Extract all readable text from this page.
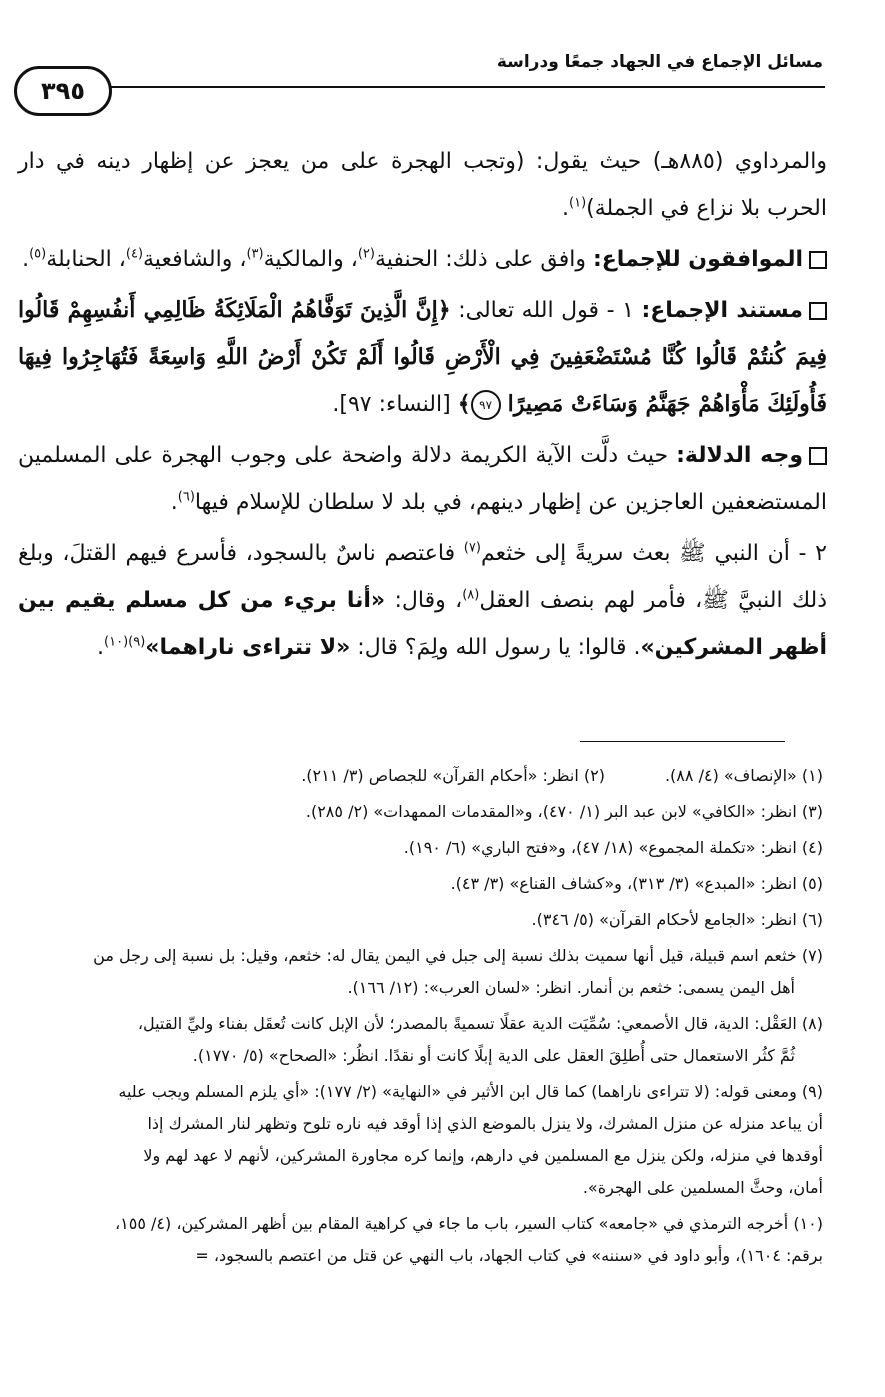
مسائل الإجماع في الجهاد جمعًا ودراسة
٣٩٥

والمرداوي (٨٨٥هـ) حيث يقول: (وتجب الهجرة على من يعجز عن إظهار دينه في دار الحرب بلا نزاع في الجملة)$^{(١)}$.

الموافقون للإجماع: وافق على ذلك: الحنفية$^{(٢)}$، والمالكية$^{(٣)}$، والشافعية$^{(٤)}$، الحنابلة$^{(٥)}$.

مستند الإجماع: ١ - قول الله تعالى: ﴿إِنَّ الَّذِينَ تَوَفَّاهُمُ الْمَلَائِكَةُ ظَالِمِي أَنفُسِهِمْ قَالُوا فِيمَ كُنتُمْ قَالُوا كُنَّا مُسْتَضْعَفِينَ فِي الْأَرْضِ قَالُوا أَلَمْ تَكُنْ أَرْضُ اللَّهِ وَاسِعَةً فَتُهَاجِرُوا فِيهَا فَأُولَئِكَ مَأْوَاهُمْ جَهَنَّمُ وَسَاءَتْ مَصِيرًا ٩٧﴾ [النساء: ٩٧].

وجه الدلالة: حيث دلَّت الآية الكريمة دلالة واضحة على وجوب الهجرة على المسلمين المستضعفين العاجزين عن إظهار دينهم، في بلد لا سلطان للإسلام فيها$^{(٦)}$.

٢ - أن النبي ﷺ بعث سريةً إلى خثعم$^{(٧)}$ فاعتصم ناسٌ بالسجود، فأسرع فيهم القتلَ، وبلغ ذلك النبيَّ ﷺ، فأمر لهم بنصف العقل$^{(٨)}$، وقال: «أنا بريء من كل مسلم يقيم بين أظهر المشركين». قالوا: يا رسول الله ولِمَ؟ قال: «لا تتراءى ناراهما»$^{(٩)(١٠)}$.

(١) «الإنصاف» (٤/ ٨٨).
(٢) انظر: «أحكام القرآن» للجصاص (٣/ ٢١١).

(٣) انظر: «الكافي» لابن عبد البر (١/ ٤٧٠)، و«المقدمات الممهدات» (٢/ ٢٨٥).

(٤) انظر: «تكملة المجموع» (١٨/ ٤٧)، و«فتح الباري» (٦/ ١٩٠).

(٥) انظر: «المبدع» (٣/ ٣١٣)، و«كشاف القناع» (٣/ ٤٣).

(٦) انظر: «الجامع لأحكام القرآن» (٥/ ٣٤٦).

(٧) خثعم اسم قبيلة، قيل أنها سميت بذلك نسبة إلى جبل في اليمن يقال له: خثعم، وقيل: بل نسبة إلى رجل من
أهل اليمن يسمى: خثعم بن أنمار. انظر: «لسان العرب»: (١٢/ ١٦٦).

(٨) العَقْل: الدية، قال الأصمعي: سُمِّيَت الدية عقلًا تسميةً بالمصدر؛ لأن الإبل كانت تُعقَل بفناء وليِّ القتيل،
ثُمَّ كثُر الاستعمال حتى أُطلِقَ العقل على الدية إبلًا كانت أو نقدًا. انظُر: «الصحاح» (٥/ ١٧٧٠).

(٩) ومعنى قوله: (لا تتراءى ناراهما) كما قال ابن الأثير في «النهاية» (٢/ ١٧٧): «أي يلزم المسلم ويجب عليه
أن يباعد منزله عن منزل المشرك، ولا ينزل بالموضع الذي إذا أوقد فيه ناره تلوح وتظهر لنار المشرك إذا
أوقدها في منزله، ولكن ينزل مع المسلمين في دارهم، وإنما كره مجاورة المشركين، لأنهم لا عهد لهم ولا
أمان، وحثَّ المسلمين على الهجرة».

(١٠) أخرجه الترمذي في «جامعه» كتاب السير، باب ما جاء في كراهية المقام بين أظهر المشركين، (٤/ ١٥٥،
برقم: ١٦٠٤)، وأبو داود في «سننه» في كتاب الجهاد، باب النهي عن قتل من اعتصم بالسجود، =
